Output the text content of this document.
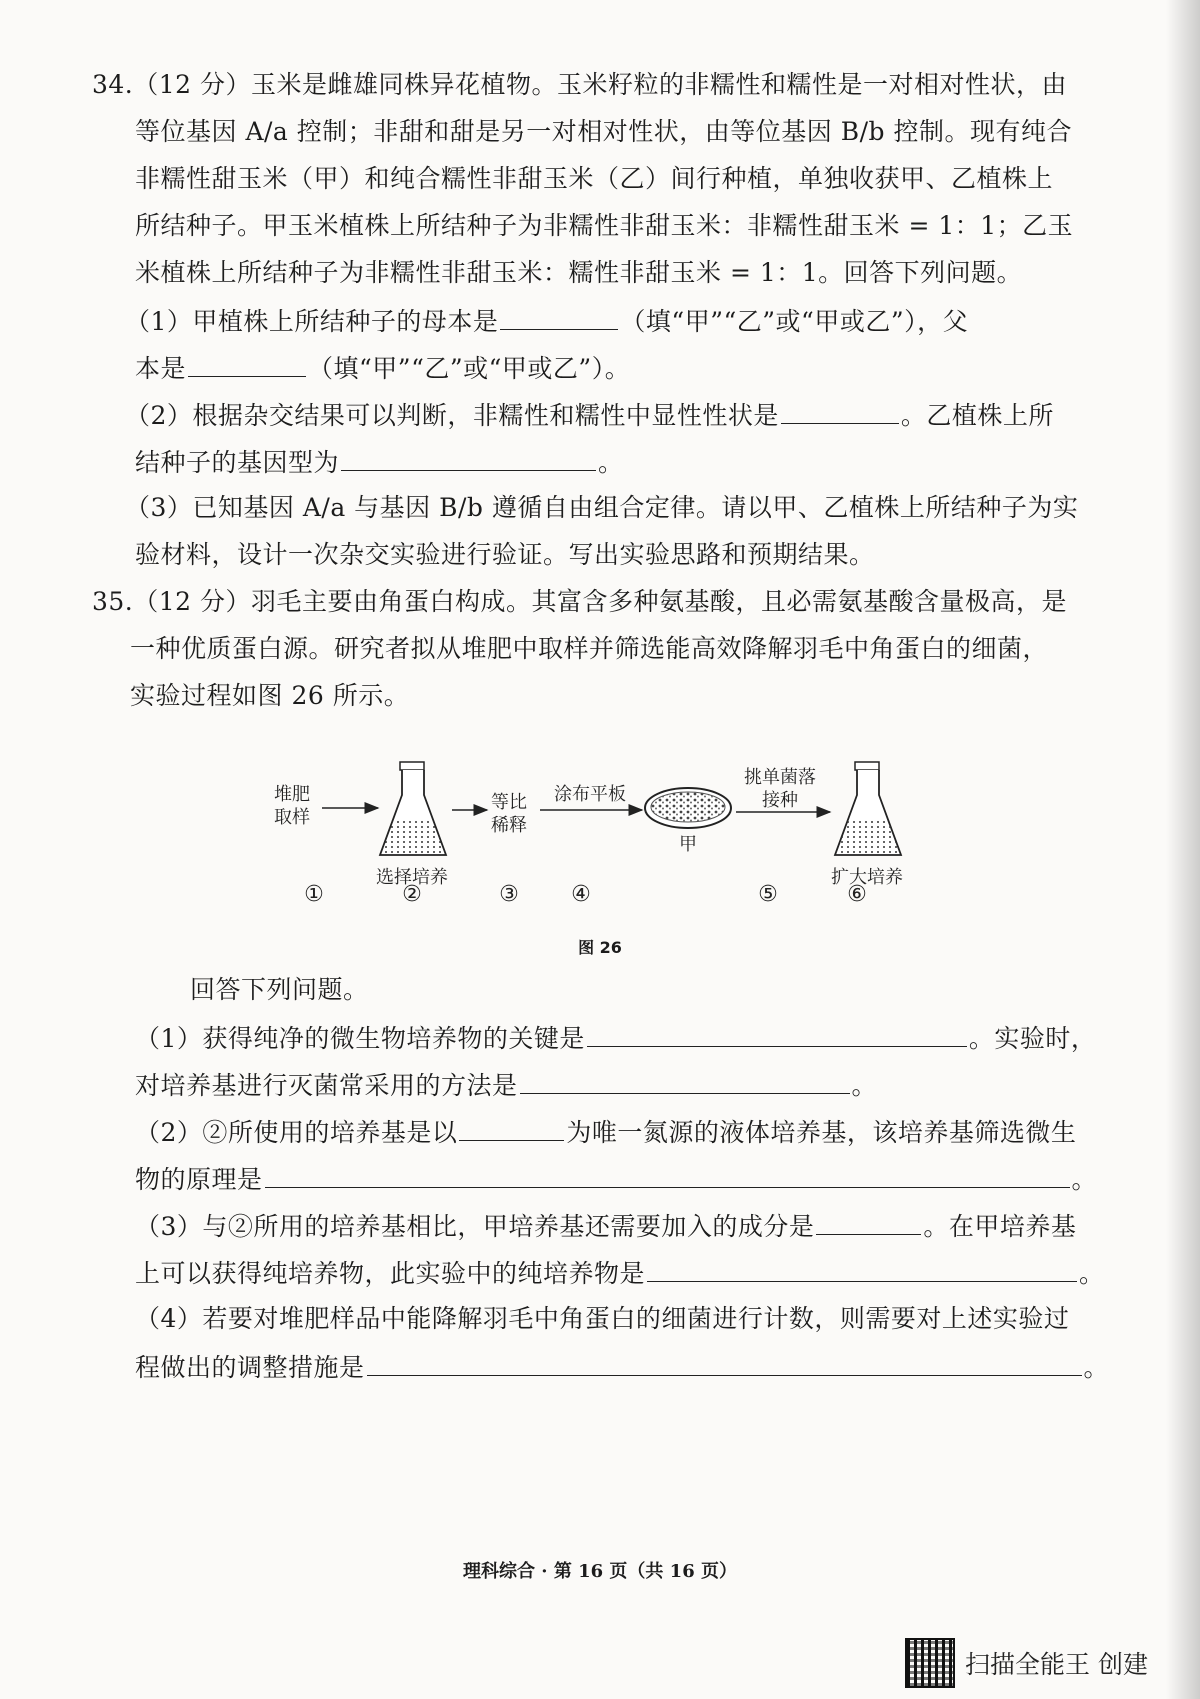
34.（12 分）玉米是雌雄同株异花植物。玉米籽粒的非糯性和糯性是一对相对性状，由
等位基因 A/a 控制；非甜和甜是另一对相对性状，由等位基因 B/b 控制。现有纯合
非糯性甜玉米（甲）和纯合糯性非甜玉米（乙）间行种植，单独收获甲、乙植株上
所结种子。甲玉米植株上所结种子为非糯性非甜玉米：非糯性甜玉米 = 1：1；乙玉
米植株上所结种子为非糯性非甜玉米：糯性非甜玉米 = 1：1。回答下列问题。
（1）甲植株上所结种子的母本是	（填“甲”“乙”或“甲或乙”），父
本是	（填“甲”“乙”或“甲或乙”）。
（2）根据杂交结果可以判断，非糯性和糯性中显性性状是	。乙植株上所
结种子的基因型为	。
（3）已知基因 A/a 与基因 B/b 遵循自由组合定律。请以甲、乙植株上所结种子为实
验材料，设计一次杂交实验进行验证。写出实验思路和预期结果。
35.（12 分）羽毛主要由角蛋白构成。其富含多种氨基酸，且必需氨基酸含量极高，是
一种优质蛋白源。研究者拟从堆肥中取样并筛选能高效降解羽毛中角蛋白的细菌，
实验过程如图 26 所示。
堆肥
取样
选择培养
等比
稀释
涂布平板
甲
挑单菌落
接种
扩大培养
①	②	③ ④	⑤	⑥
图 26
回答下列问题。
（1）获得纯净的微生物培养物的关键是	。实验时，
对培养基进行灭菌常采用的方法是	。
（2）②所使用的培养基是以	为唯一氮源的液体培养基，该培养基筛选微生
物的原理是	。
（3）与②所用的培养基相比，甲培养基还需要加入的成分是	。在甲培养基
上可以获得纯培养物，此实验中的纯培养物是	。
（4）若要对堆肥样品中能降解羽毛中角蛋白的细菌进行计数，则需要对上述实验过
程做出的调整措施是	。
理科综合 · 第 16 页（共 16 页）
扫描全能王 创建
